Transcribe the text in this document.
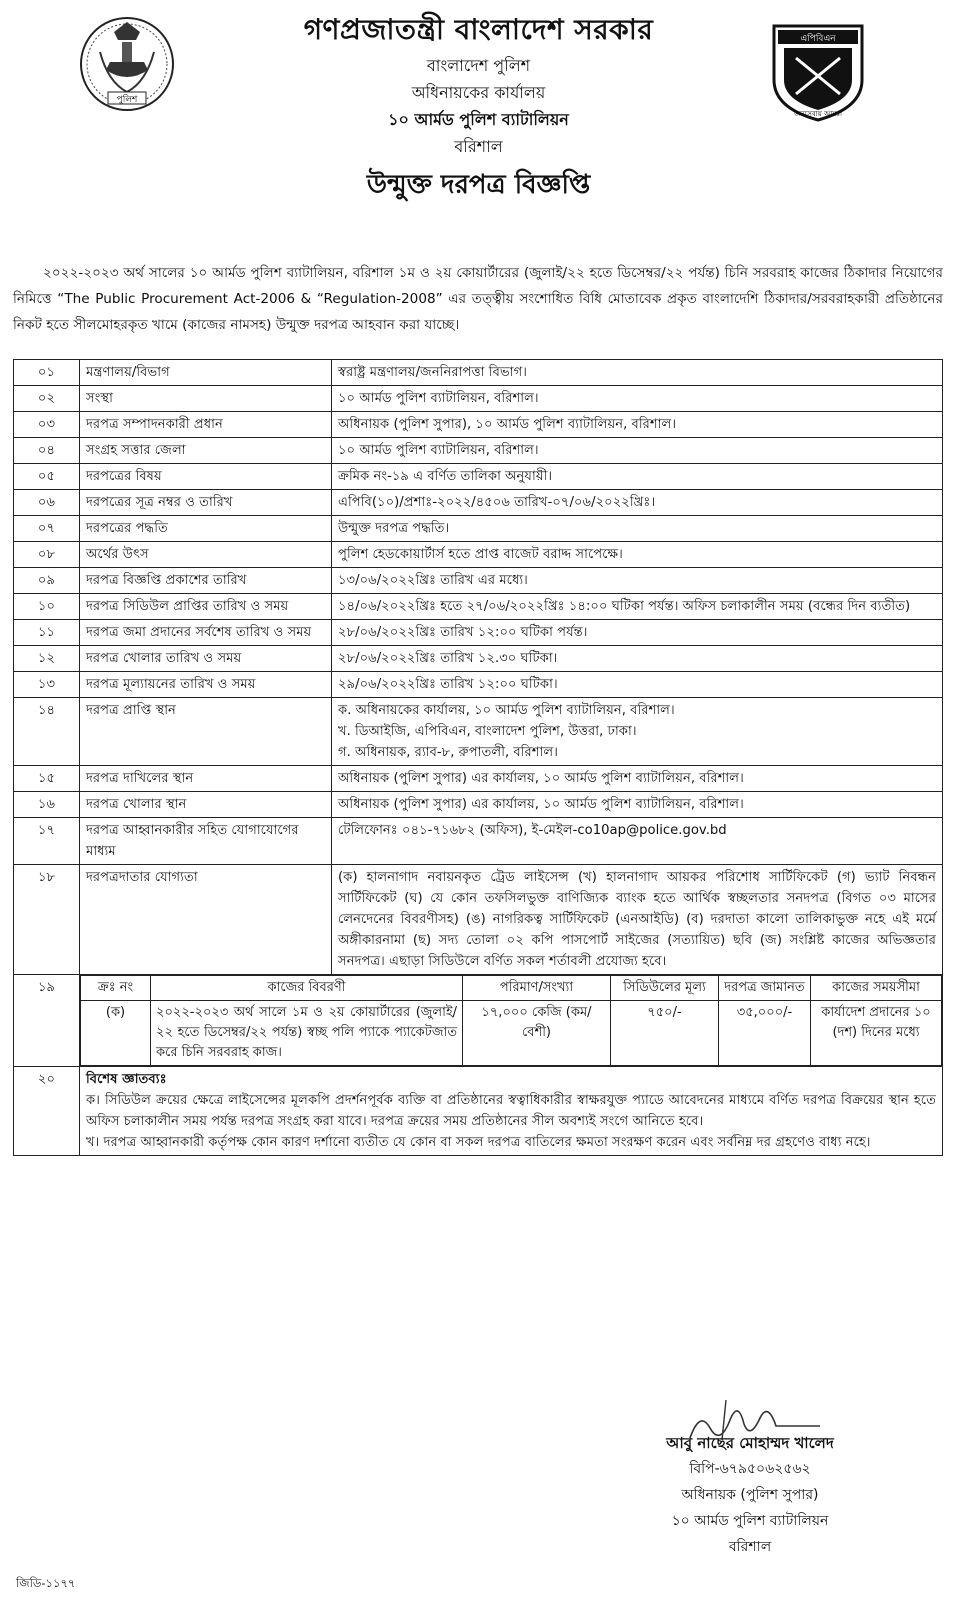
পুলিশ
এপিবিএন
জনসেবায় আমরা
গণপ্রজাতন্ত্রী বাংলাদেশ সরকার
বাংলাদেশ পুলিশ
অধিনায়কের কার্যালয়
১০ আর্মড পুলিশ ব্যাটালিয়ন
বরিশাল
উন্মুক্ত দরপত্র বিজ্ঞপ্তি

২০২২-২০২৩ অর্থ সালের ১০ আর্মড পুলিশ ব্যাটালিয়ন, বরিশাল ১ম ও ২য় কোয়ার্টারের (জুলাই/২২ হতে ডিসেম্বর/২২ পর্যন্ত) চিনি সরবরাহ কাজের ঠিকাদার নিয়োগের নিমিত্তে “The Public Procurement Act-2006 & “Regulation-2008” এর তত্ত্বীয় সংশোধিত বিধি মোতাবেক প্রকৃত বাংলাদেশি ঠিকাদার/সরবরাহকারী প্রতিষ্ঠানের নিকট হতে সীলমোহরকৃত খামে (কাজের নামসহ) উন্মুক্ত দরপত্র আহবান করা যাচ্ছে।

০১	মন্ত্রণালয়/বিভাগ	স্বরাষ্ট্র মন্ত্রণালয়/জননিরাপত্তা বিভাগ।
০২	সংস্থা	১০ আর্মড পুলিশ ব্যাটালিয়ন, বরিশাল।
০৩	দরপত্র সম্পাদনকারী প্রধান	অধিনায়ক (পুলিশ সুপার), ১০ আর্মড পুলিশ ব্যাটালিয়ন, বরিশাল।
০৪	সংগ্রহ সত্তার জেলা	১০ আর্মড পুলিশ ব্যাটালিয়ন, বরিশাল।
০৫	দরপত্রের বিষয়	ক্রমিক নং-১৯ এ বর্ণিত তালিকা অনুযায়ী।
০৬	দরপত্রের সূত্র নম্বর ও তারিখ	এপিবি(১০)/প্রশাঃ-২০২২/৪৫০৬ তারিখ-০৭/০৬/২০২২খ্রিঃ।
০৭	দরপত্রের পদ্ধতি	উন্মুক্ত দরপত্র পদ্ধতি।
০৮	অর্থের উৎস	পুলিশ হেডকোয়ার্টার্স হতে প্রাপ্ত বাজেট বরাদ্দ সাপেক্ষে।
০৯	দরপত্র বিজ্ঞপ্তি প্রকাশের তারিখ	১৩/০৬/২০২২খ্রিঃ তারিখ এর মধ্যে।
১০	দরপত্র সিডিউল প্রাপ্তির তারিখ ও সময়	১৪/০৬/২০২২খ্রিঃ হতে ২৭/০৬/২০২২খ্রিঃ ১৪:০০ ঘটিকা পর্যন্ত। অফিস চলাকালীন সময় (বন্ধের দিন ব্যতীত)
১১	দরপত্র জমা প্রদানের সর্বশেষ তারিখ ও সময়	২৮/০৬/২০২২খ্রিঃ তারিখ ১২:০০ ঘটিকা পর্যন্ত।
১২	দরপত্র খোলার তারিখ ও সময়	২৮/০৬/২০২২খ্রিঃ তারিখ ১২.৩০ ঘটিকা।
১৩	দরপত্র মূল্যায়নের তারিখ ও সময়	২৯/০৬/২০২২খ্রিঃ তারিখ ১২:০০ ঘটিকা।
১৪	দরপত্র প্রাপ্তি স্থান	ক. অধিনায়কের কার্যালয়, ১০ আর্মড পুলিশ ব্যাটালিয়ন, বরিশাল।
খ. ডিআইজি, এপিবিএন, বাংলাদেশ পুলিশ, উত্তরা, ঢাকা।
গ. অধিনায়ক, র‌্যাব-৮, রুপাতলী, বরিশাল।

১৫	দরপত্র দাখিলের স্থান	অধিনায়ক (পুলিশ সুপার) এর কার্যালয়, ১০ আর্মড পুলিশ ব্যাটালিয়ন, বরিশাল।
১৬	দরপত্র খোলার স্থান	অধিনায়ক (পুলিশ সুপার) এর কার্যালয়, ১০ আর্মড পুলিশ ব্যাটালিয়ন, বরিশাল।
১৭	দরপত্র আহ্বানকারীর সহিত যোগাযোগের মাধ্যম	টেলিফোনঃ ০৪১-৭১৬৮২ (অফিস), ই-মেইল-co10ap@police.gov.bd
১৮	দরপত্রদাতার যোগ্যতা	(ক) হালনাগাদ নবায়নকৃত ট্রেড লাইসেন্স (খ) হালনাগাদ আয়কর পরিশোধ সার্টিফিকেট (গ) ভ্যাট নিবন্ধন সার্টিফিকেট (ঘ) যে কোন তফসিলভুক্ত বাণিজ্যিক ব্যাংক হতে আর্থিক স্বচ্ছলতার সনদপত্র (বিগত ০৩ মাসের লেনদেনের বিবরণীসহ) (ঙ) নাগরিকত্ব সার্টিফিকেট (এনআইডি) (ব) দরদাতা কালো তালিকাভুক্ত নহে এই মর্মে অঙ্গীকারনামা (ছ) সদ্য তোলা ০২ কপি পাসপোর্ট সাইজের (সত্যায়িত) ছবি (জ) সংশ্লিষ্ট কাজের অভিজ্ঞতার সনদপত্র। এছাড়া সিডিউলে বর্ণিত সকল শর্তাবলী প্রযোজ্য হবে।
১৯		ক্রঃ নং	কাজের বিবরণী	পরিমাণ/সংখ্যা	সিডিউলের মূল্য	দরপত্র জামানত	কাজের সময়সীমা
(ক)	২০২২-২০২৩ অর্থ সালে ১ম ও ২য় কোয়ার্টারের (জুলাই/২২ হতে ডিসেম্বর/২২ পর্যন্ত) স্বচ্ছ পলি প্যাকে প্যাকেটজাত করে চিনি সরবরাহ কাজ।	১৭,০০০ কেজি (কম/বেশী)	৭৫০/-	৩৫,০০০/-	কার্যাদেশ প্রদানের ১০ (দশ) দিনের মধ্যে

২০	বিশেষ জ্ঞাতব্যঃ

ক। সিডিউল ক্রয়ের ক্ষেত্রে লাইসেন্সের মূলকপি প্রদর্শনপূর্বক ব্যক্তি বা প্রতিষ্ঠানের স্বত্বাধিকারীর স্বাক্ষরযুক্ত প্যাডে আবেদনের মাধ্যমে বর্ণিত দরপত্র বিক্রয়ের স্থান হতে অফিস চলাকালীন সময় পর্যন্ত দরপত্র সংগ্রহ করা যাবে। দরপত্র ক্রয়ের সময় প্রতিষ্ঠানের সীল অবশ্যই সংগে আনিতে হবে।

খ। দরপত্র আহ্বানকারী কর্তৃপক্ষ কোন কারণ দর্শানো ব্যতীত যে কোন বা সকল দরপত্র বাতিলের ক্ষমতা সংরক্ষণ করেন এবং সর্বনিম্ন দর গ্রহণেও বাধ্য নহে।

আবু নাছের মোহাম্মদ খালেদ
বিপি-৬৭৯৫০৬২৫৬২
অধিনায়ক (পুলিশ সুপার)
১০ আর্মড পুলিশ ব্যাটালিয়ন
বরিশাল
জিডি-১১৭৭
